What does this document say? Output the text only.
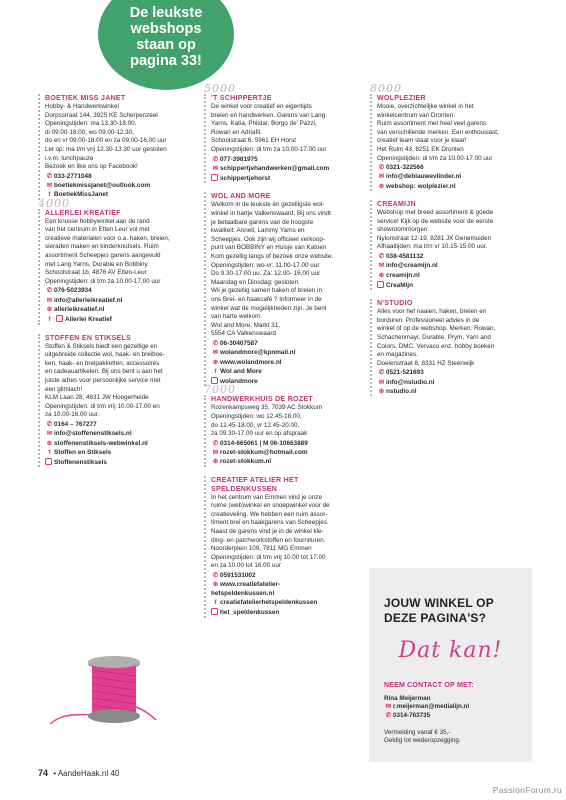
De leukste
webshops
staan op
pagina 33!
BOETIEK MISS JANET

Hobby- & Handwerkwinkel
Dorpsstraat 144, 3925 KE Scherpenzeel
Openingstijden: ma 13.30-18.00,
di 09.00-18.00, wo 09.00-12.30,
do en vr 09.00-18.00 en za 09.00-16.00 uur
Let op: ma t/m vrij 12.30-13.30 uur gesloten
i.v.m. lunchpauze
Bezoek en like ons op Facebook!

✆ 033-2771048
✉ boetiekmissjanet@outlook.com
f BoetiekMissJanet
4000
ALLERLEI KREATIEF

Een knusse hobbywinkel aan de rand
van het centrum in Etten Leur vol met
creatieve materialen voor o.a. haken, breien,
sieraden maken en kinderknutsels. Ruim
assortiment Scheepjes garens aangevuld
met Lang Yarns, Durable en Bobbiny.
Schoolstraat 1b, 4876 AV Etten-Leur
Openingstijden: di t/m za 10.00-17.00 uur

✆ 076-5023934
✉ info@allerleikreatief.nl
⊕ allerleikreatief.nl
f Allerlei Kreatief
STOFFEN EN STIKSELS

Stoffen & Stiksels biedt een gezellige en
uitgebreide collectie wol, haak- en breiboe-
ken, haak- en breipakketten, accessoires
en cadeauartikelen. Bij ons bent u aan het
juiste adres voor persoonlijke service met
een glimlach!
KLM Laan 28, 4631 JW Hoogerheide
Openingstijden: di t/m vrij 10.00-17.00 en
za 10.00-16.00 uur.

✆ 0164 – 767277
✉ info@stoffenenstiksels.nl
⊕ stoffenenstiksels-webwinkel.nl
f Stoffen en Stiksels
Stoffenenstiksels
5000
'T SCHIPPERTJE

De winkel voor creatief en eigentijds
breien en handwerken. Garens van Lang
Yarns, Katia, Phildar, Borgo de' Pazzi,
Rowan en Adriafil.
Schoolstraat 6, 5961 EH Horst
Openingstijden: di t/m za 10.00-17.00 uur

✆ 077-3981975
✉ schippertjehandwerken@gmail.com
schippertjehorst
WOL AND MORE

Welkom in de leukste én gezelligste wol-
winkel in hartje Valkenswaard. Bij ons vindt
je betaalbare garens van de hoogste
kwaliteit: Annell, Lammy Yarns en
Scheepjes. Ook zijn wij officieel verkoop-
punt van BOBBINY en Huisje van Katoen
Kom gezellig langs of bezoek onze website.
Openingstijden: wo-vr: 11.00-17.00 uur
Do 9.30-17.00 uu. Za: 12.00- 16.00 uur
Maandag en Dinsdag: gesloten.
Wil je gezellig samen haken of breien in
ons Brei- en haakcafé ? Informeer in de
winkel wat de mogelijkheden zijn. Je bent
van harte welkom.
Wol and More, Markt 31,
5554 CA Valkenswaard

✆ 06-30407587
✉ wolandmore@kpnmail.nl
⊕ www.wolandmore.nl
f Wol and More
wolandmore
7000
HANDWERKHUIS DE ROZET

Rozenkampsweg 35, 7039 AC Stokkum
Openingstijden: wo 12.45-18.00,
do 12.45-18.00, vr 12.45-20.00,
za 09.30-17.00 uur en op afspraak

✆ 0314-665061 | M 06-10663889
✉ rozet-stokkum@hotmail.com
⊕ rozet-stokkum.nl
CREATIEF ATELIER HET SPELDENKUSSEN

In het centrum van Emmen vind je onze
ruime (web)winkel en snoepwinkel voor de
creatieveling. We hebben een ruim assor-
timent brei en haakgarens van Scheepjes.
Naast de garens vind je in de winkel kle-
ding- en patchworkstoffen en fournituren.
Noorderplein 109, 7811 MG Emmen
Openingstijden: di t/m vrij 10.00 tot 17.00
en za 10.00 tot 16.00 uur

✆ 0591531002
⊕ www.creatiefatelier-
hetspeldenkussen.nl
f creatiefatelierhetspeldenkussen
het_speldenkussen
8000
WOLPLEZIER

Mooie, overzichtelijke winkel in het
winkelcentrum van Dronten.
Ruim assortiment met heel veel garens
van verschillende merken. Een enthousiast,
creatief team staat voor je klaar!
Het Ruim 43, 8251 EK Dronten
Openingstijden: di t/m za 10.00-17.00 uur

✆ 0321-322566
✉ info@deblauwevlinder.nl
⊕ webshop: wolplezier.nl
CREAMIJN

Webshop met breed assortiment & goede
service! Kijk op de website voor de eerste
showroommorgen.
Nylonstraat 12-19, 8281 JX Genemuiden
Afhaaltijden: ma t/m vr 10.15-15.00 uur.

✆ 038-4581132
✉ info@creamijn.nl
⊕ creamijn.nl
CreaMijn
N'STUDIO

Alles voor het naaien, haken, breien en
borduren. Professioneel advies in de
winkel of op de webshop. Merken: Rowan,
Schachenmayr, Durable, Prym, Yarn and
Colors, DMC, Vervaco enz. hobby boeken
en magazines.
Doelenstraat 8, 8331 HZ Steenwijk

✆ 0521-521693
✉ info@nstudio.nl
⊕ nstudio.nl
JOUW WINKEL OP DEZE PAGINA'S?
Dat kan!
NEEM CONTACT OP MET:
Rina Meijerman
✉ r.meijerman@medialijn.nl
✆ 0314-763735
Vermelding vanaf € 35,-
Geldig tot wederopzegging.
74 • AandeHaak.nl 40
PassionForum.ru
